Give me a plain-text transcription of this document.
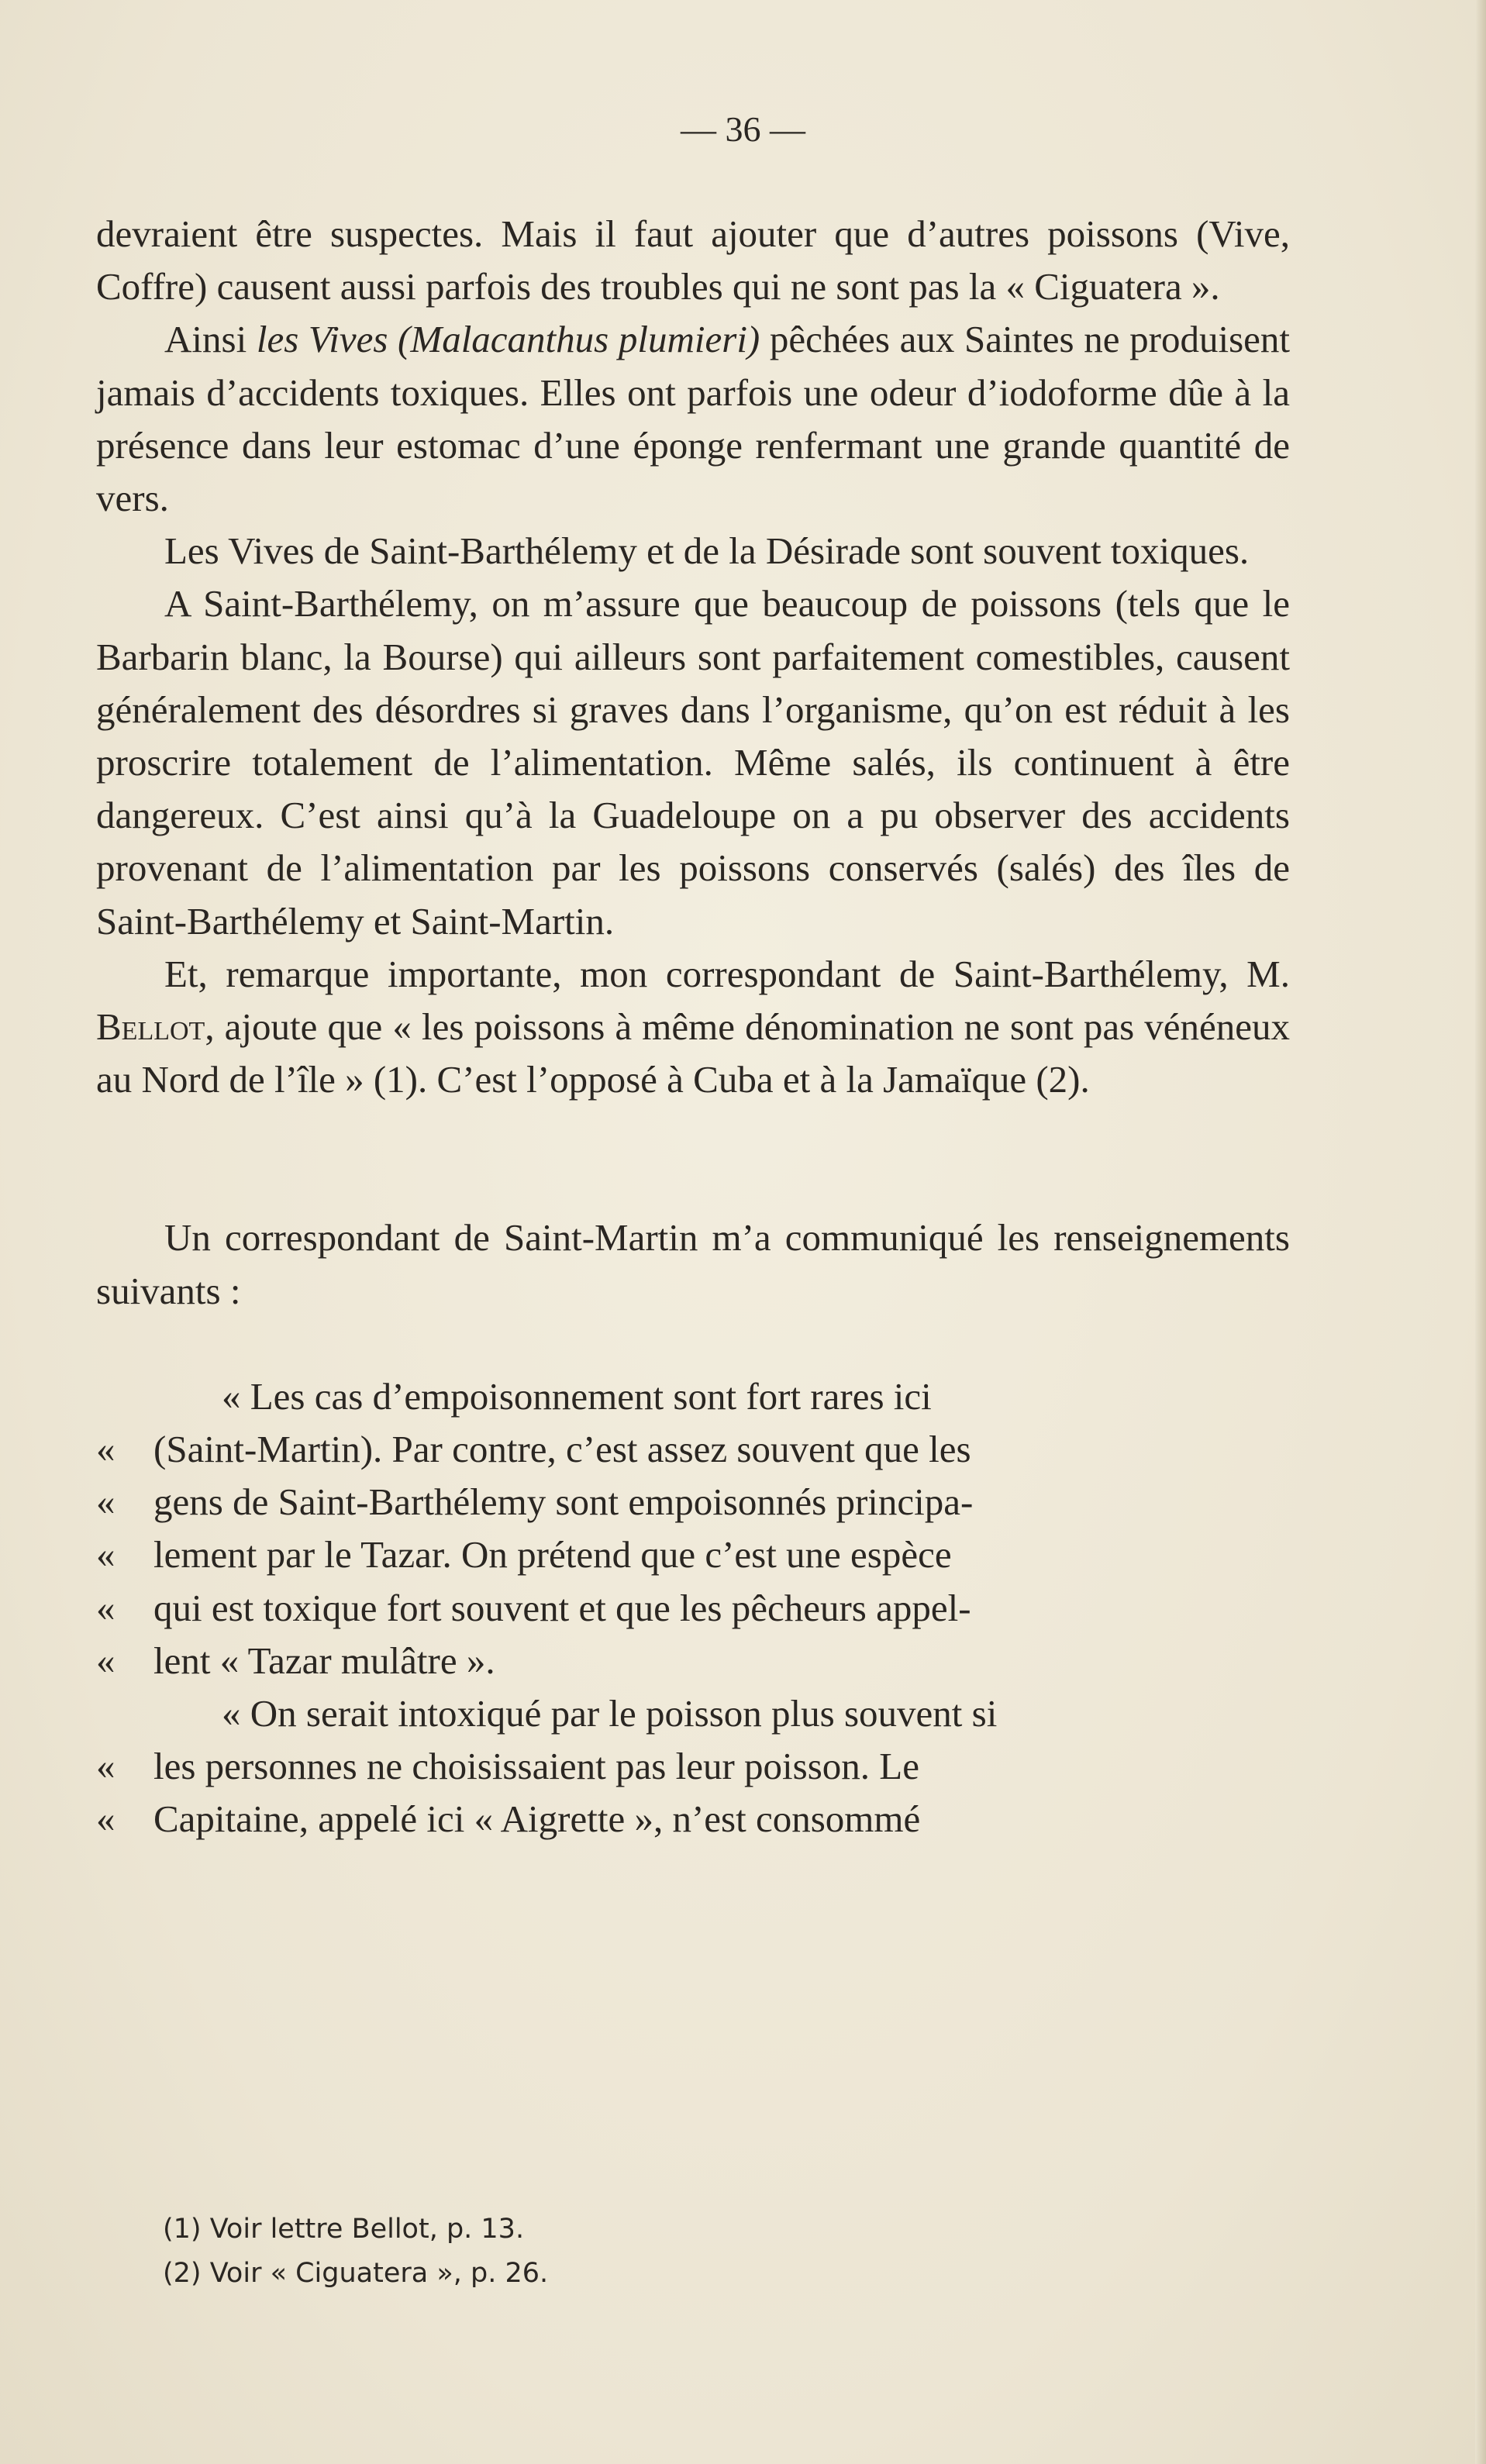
— 36 —

devraient être suspectes. Mais il faut ajouter que d’autres poissons (Vive, Coffre) causent aussi parfois des troubles qui ne sont pas la « Ciguatera ».

Ainsi les Vives (Malacanthus plumieri) pêchées aux Saintes ne produisent jamais d’accidents toxiques. Elles ont parfois une odeur d’iodoforme dûe à la présence dans leur estomac d’une éponge renfermant une grande quantité de vers.

Les Vives de Saint-Barthélemy et de la Désirade sont souvent toxiques.

A Saint-Barthélemy, on m’assure que beaucoup de poissons (tels que le Barbarin blanc, la Bourse) qui ailleurs sont parfaitement comestibles, causent généralement des désordres si graves dans l’organisme, qu’on est réduit à les proscrire totalement de l’alimentation. Même salés, ils continuent à être dangereux. C’est ainsi qu’à la Guadeloupe on a pu observer des accidents provenant de l’alimentation par les poissons conservés (salés) des îles de Saint-Barthélemy et Saint-Martin.

Et, remarque importante, mon correspondant de Saint-Barthélemy, M. Bellot, ajoute que « les poissons à même dénomination ne sont pas vénéneux au Nord de l’île » (1). C’est l’opposé à Cuba et à la Jamaïque (2).

Un correspondant de Saint-Martin m’a communiqué les renseignements suivants :

« Les cas d’empoisonnement sont fort rares ici

« (Saint-Martin). Par contre, c’est assez souvent que les

« gens de Saint-Barthélemy sont empoisonnés principa-

« lement par le Tazar. On prétend que c’est une espèce

« qui est toxique fort souvent et que les pêcheurs appel-

« lent « Tazar mulâtre ».

« On serait intoxiqué par le poisson plus souvent si

« les personnes ne choisissaient pas leur poisson. Le

« Capitaine, appelé ici « Aigrette », n’est consommé

(1) Voir lettre Bellot, p. 13.
(2) Voir « Ciguatera », p. 26.
